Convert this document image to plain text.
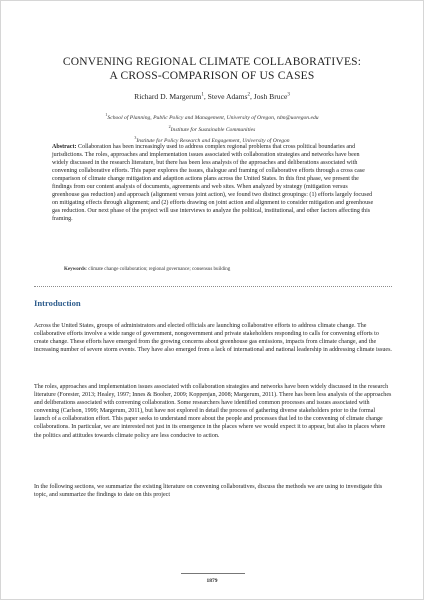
CONVENING REGIONAL CLIMATE COLLABORATIVES:
A CROSS-COMPARISON OF US CASES
Richard D. Margerum$^1$, Steve Adams$^2$, Josh Bruce$^3$
$^1$School of Planning, Public Policy and Management, University of Oregon, rdm@uoregon.edu
$^2$Institute for Sustainable Communities
$^3$Institute for Policy Research and Engagement, University of Oregon
Abstract: Collaboration has been increasingly used to address complex regional problems that cross political boundaries and jurisdictions. The roles, approaches and implementation issues associated with collaboration strategies and networks have been widely discussed in the research literature, but there has been less analysis of the approaches and deliberations associated with convening collaborative efforts. This paper explores the issues, dialogue and framing of collaborative efforts through a cross case comparison of climate change mitigation and adaption actions plans across the United States. In this first phase, we present the findings from our content analysis of documents, agreements and web sites. When analyzed by strategy (mitigation versus greenhouse gas reduction) and approach (alignment versus joint action), we found two distinct groupings: (1) efforts largely focused on mitigating effects through alignment; and (2) efforts drawing on joint action and alignment to consider mitigation and greenhouse gas reduction. Our next phase of the project will use interviews to analyze the political, institutional, and other factors affecting this framing.
Keywords: climate change collaboration; regional governance; consensus building
Introduction
Across the United States, groups of administrators and elected officials are launching collaborative efforts to address climate change. The collaborative efforts involve a wide range of government, nongovernment and private stakeholders responding to calls for convening efforts to create change. These efforts have emerged from the growing concerns about greenhouse gas emissions, impacts from climate change, and the increasing number of severe storm events. They have also emerged from a lack of international and national leadership in addressing climate issues.
The roles, approaches and implementation issues associated with collaboration strategies and networks have been widely discussed in the research literature (Forester, 2013; Healey, 1997; Innes & Booher, 2009; Koppenjan, 2008; Margerum, 2011). There has been less analysis of the approaches and deliberations associated with convening collaboration. Some researchers have identified common processes and issues associated with convening (Carlson, 1999; Margerum, 2011), but have not explored in detail the process of gathering diverse stakeholders prior to the formal launch of a collaboration effort. This paper seeks to understand more about the people and processes that led to the convening of climate change collaborations. In particular, we are interested not just in its emergence in the places where we would expect it to appear, but also in places where the politics and attitudes towards climate policy are less conducive to action.
In the following sections, we summarize the existing literature on convening collaboratives, discuss the methods we are using to investigate this topic, and summarize the findings to date on this project
1879
